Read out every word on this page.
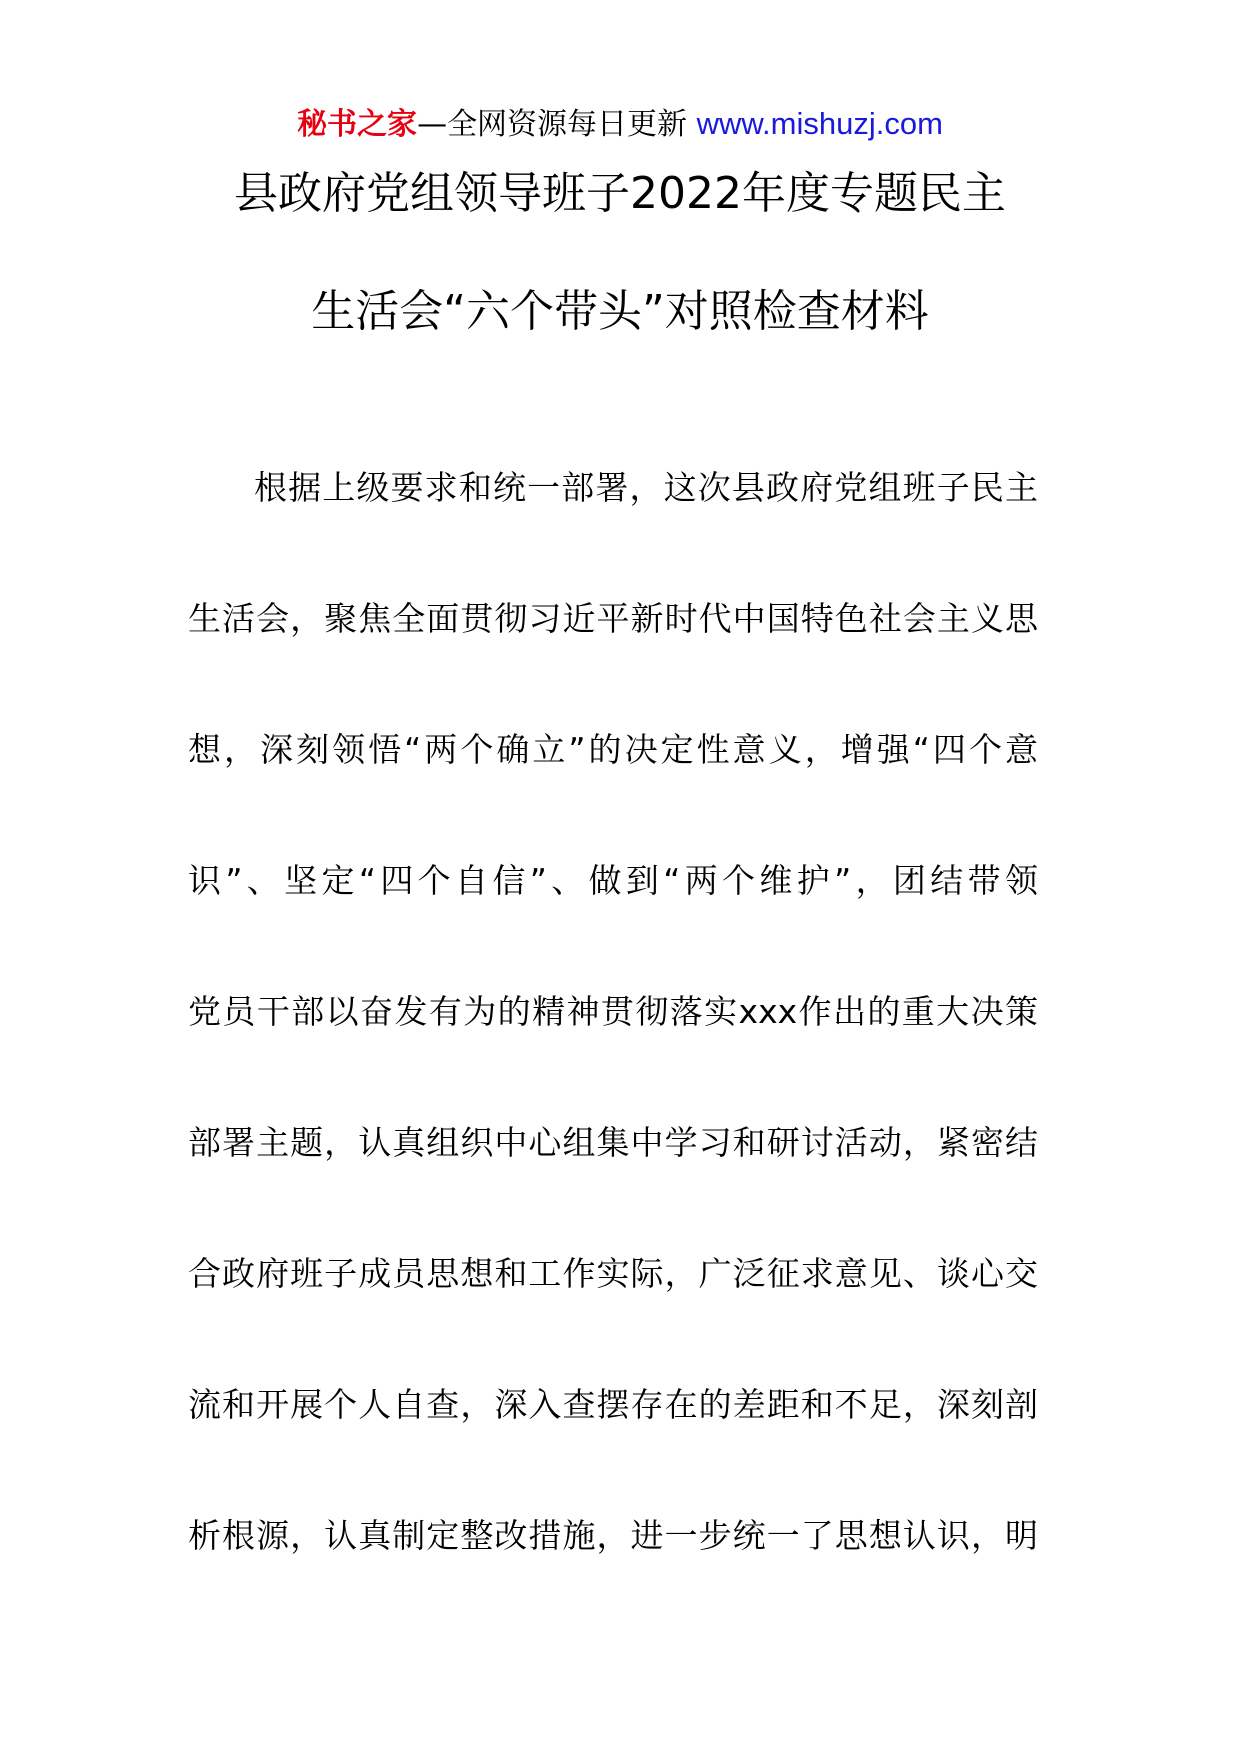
秘书之家—全网资源每日更新 www.mishuzj.com
县政府党组领导班子2022年度专题民主
生活会“六个带头”对照检查材料
根据上级要求和统一部署，这次县政府党组班子民主
生活会，聚焦全面贯彻习近平新时代中国特色社会主义思
想，深刻领悟“两个确立”的决定性意义，增强“四个意
识”、坚定“四个自信”、做到“两个维护”，团结带领
党员干部以奋发有为的精神贯彻落实xxx作出的重大决策
部署主题，认真组织中心组集中学习和研讨活动，紧密结
合政府班子成员思想和工作实际，广泛征求意见、谈心交
流和开展个人自查，深入查摆存在的差距和不足，深刻剖
析根源，认真制定整改措施，进一步统一了思想认识，明
